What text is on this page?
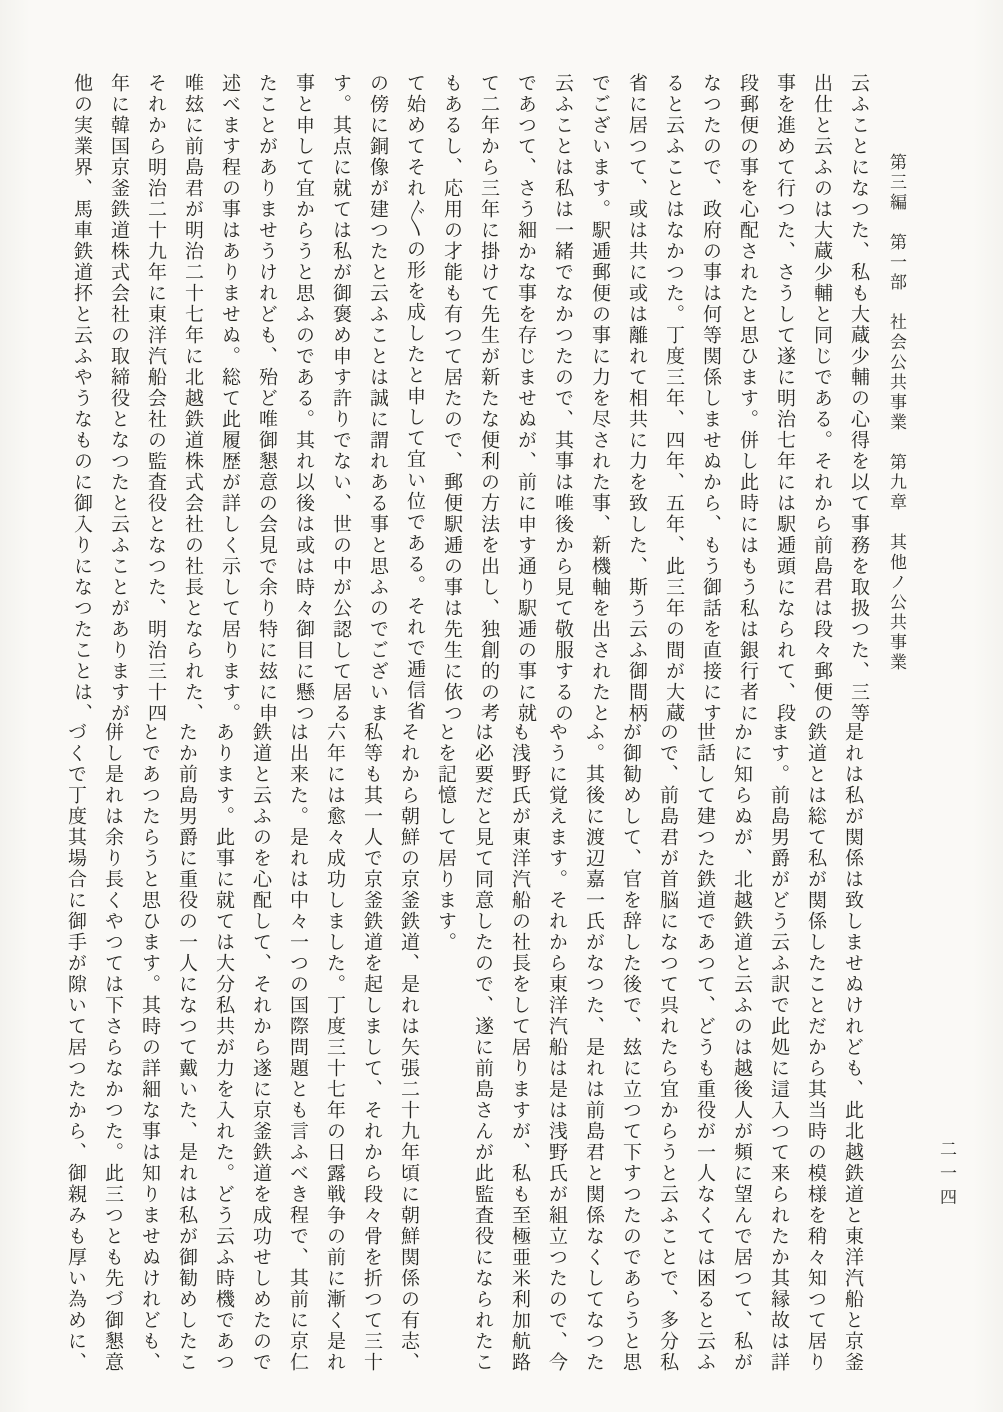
第三編　第一部　社会公共事業　第九章　其他ノ公共事業
二一四
云ふことになつた、私も大蔵少輔の心得を以て事務を取扱つた、三等
出仕と云ふのは大蔵少輔と同じである。それから前島君は段々郵便の
事を進めて行つた、さうして遂に明治七年には駅逓頭になられて、段
段郵便の事を心配されたと思ひます。併し此時にはもう私は銀行者に
なつたので、政府の事は何等関係しませぬから、もう御話を直接にす
ると云ふことはなかつた。丁度三年、四年、五年、此三年の間が大蔵
省に居つて、或は共に或は離れて相共に力を致した、斯う云ふ御間柄
でございます。駅逓郵便の事に力を尽された事、新機軸を出されたと
云ふことは私は一緒でなかつたので、其事は唯後から見て敬服するの
であつて、さう細かな事を存じませぬが、前に申す通り駅逓の事に就
て二年から三年に掛けて先生が新たな便利の方法を出し、独創的の考
もあるし、応用の才能も有つて居たので、郵便駅逓の事は先生に依つ
て始めてそれ〴〵の形を成したと申して宜い位である。それで逓信省
の傍に銅像が建つたと云ふことは誠に謂れある事と思ふのでございま
す。其点に就ては私が御褒め申す許りでない、世の中が公認して居る
事と申して宜からうと思ふのである。其れ以後は或は時々御目に懸つ
たことがありませうけれども、殆ど唯御懇意の会見で余り特に玆に申
述べます程の事はありませぬ。総て此履歴が詳しく示して居ります。
唯玆に前島君が明治二十七年に北越鉄道株式会社の社長となられた、
それから明治二十九年に東洋汽船会社の監査役となつた、明治三十四
年に韓国京釜鉄道株式会社の取締役となつたと云ふことがありますが
他の実業界、馬車鉄道抔と云ふやうなものに御入りになつたことは、
是れは私が関係は致しませぬけれども、此北越鉄道と東洋汽船と京釜
鉄道とは総て私が関係したことだから其当時の模様を稍々知つて居り
ます。前島男爵がどう云ふ訳で此処に這入つて来られたか其縁故は詳
かに知らぬが、北越鉄道と云ふのは越後人が頻に望んで居つて、私が
世話して建つた鉄道であつて、どうも重役が一人なくては困ると云ふ
ので、前島君が首脳になつて呉れたら宜からうと云ふことで、多分私
が御勧めして、官を辞した後で、玆に立つて下すつたのであらうと思
ふ。其後に渡辺嘉一氏がなつた、是れは前島君と関係なくしてなつた
やうに覚えます。それから東洋汽船は是は浅野氏が組立つたので、今
も浅野氏が東洋汽船の社長をして居りますが、私も至極亜米利加航路
は必要だと見て同意したので、遂に前島さんが此監査役になられたこ
とを記憶して居ります。
それから朝鮮の京釜鉄道、是れは矢張二十九年頃に朝鮮関係の有志、
私等も其一人で京釜鉄道を起しまして、それから段々骨を折つて三十
六年には愈々成功しました。丁度三十七年の日露戦争の前に漸く是れ
は出来た。是れは中々一つの国際問題とも言ふべき程で、其前に京仁
鉄道と云ふのを心配して、それから遂に京釜鉄道を成功せしめたので
あります。此事に就ては大分私共が力を入れた。どう云ふ時機であつ
たか前島男爵に重役の一人になつて戴いた、是れは私が御勧めしたこ
とであつたらうと思ひます。其時の詳細な事は知りませぬけれども、
併し是れは余り長くやつては下さらなかつた。此三つとも先づ御懇意
づくで丁度其場合に御手が隙いて居つたから、御親みも厚い為めに、
